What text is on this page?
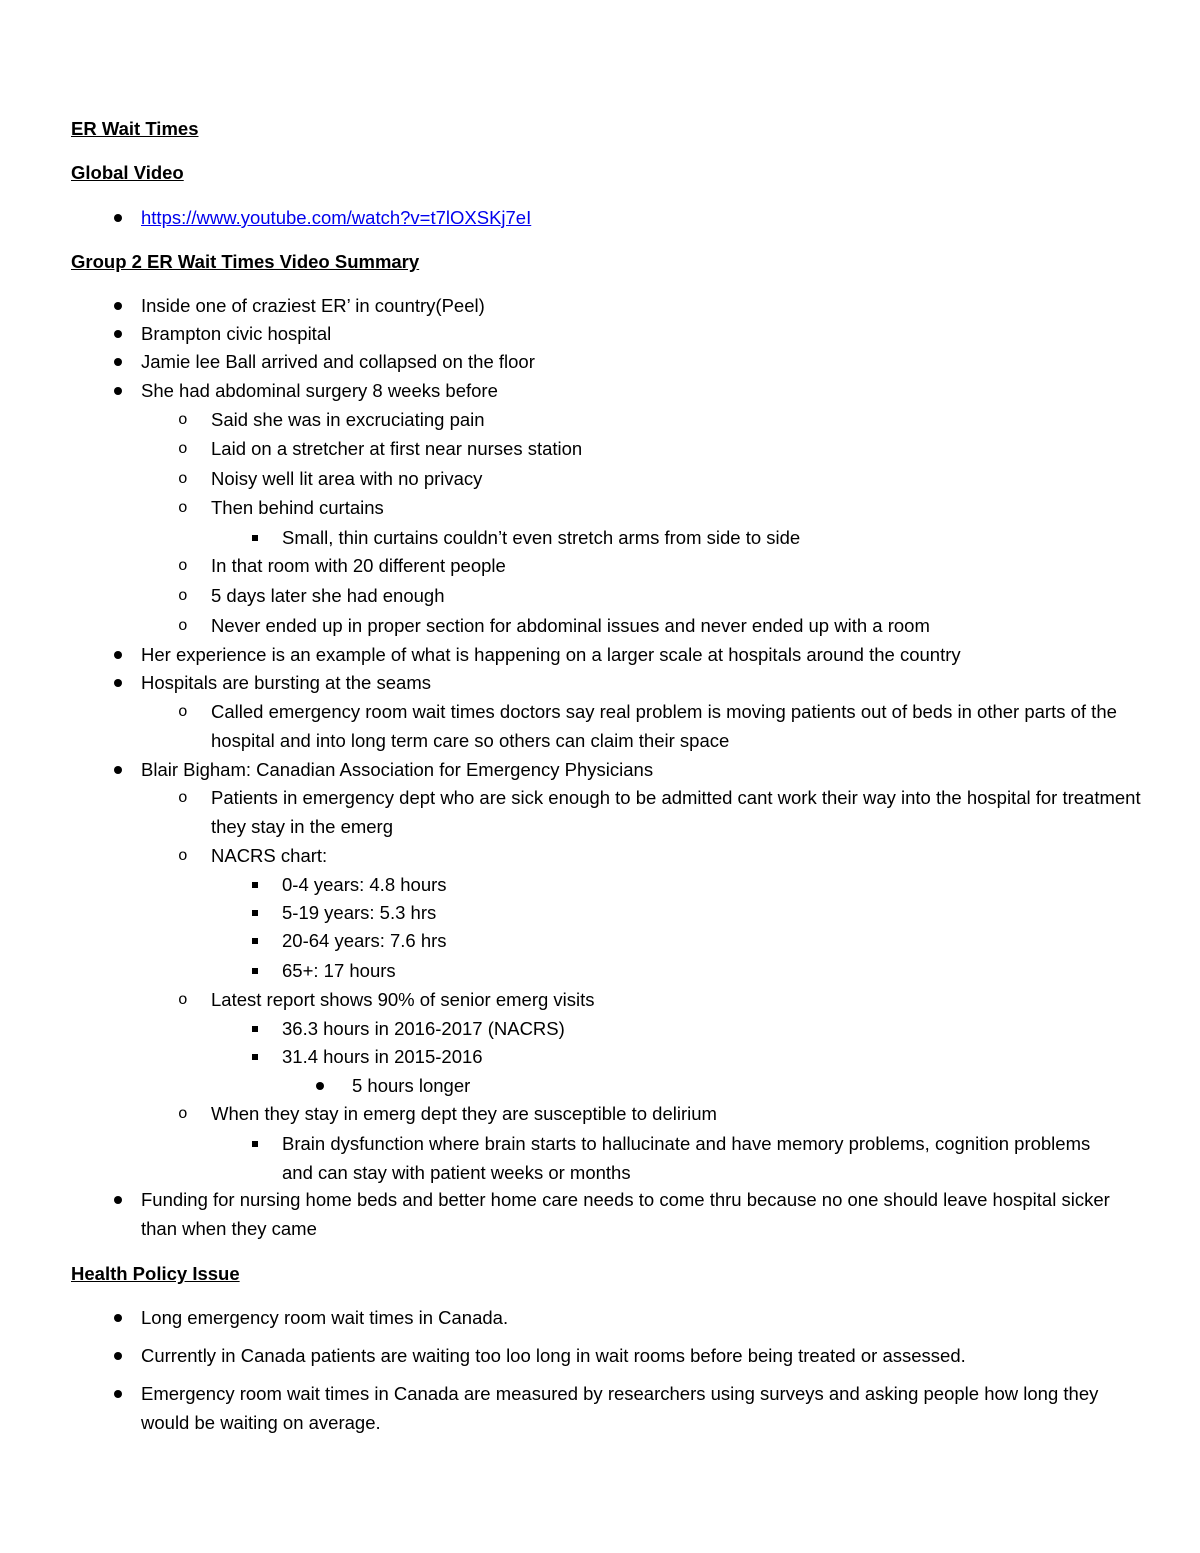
ER Wait Times
Global Video
https://www.youtube.com/watch?v=t7lOXSKj7eI
Group 2 ER Wait Times Video Summary
Inside one of craziest ER’ in country(Peel)
Brampton civic hospital
Jamie lee Ball arrived and collapsed on the floor
She had abdominal surgery 8 weeks before
o Said she was in excruciating pain
o Laid on a stretcher at first near nurses station
o Noisy well lit area with no privacy
o Then behind curtains
Small, thin curtains couldn’t even stretch arms from side to side
o In that room with 20 different people
o 5 days later she had enough
o Never ended up in proper section for abdominal issues and never ended up with a room
Her experience is an example of what is happening on a larger scale at hospitals around the country
Hospitals are bursting at the seams
o Called emergency room wait times doctors say real problem is moving patients out of beds in other parts of the hospital and into long term care so others can claim their space
Blair Bigham: Canadian Association for Emergency Physicians
o Patients in emergency dept who are sick enough to be admitted cant work their way into the hospital for treatment they stay in the emerg
o NACRS chart:
0-4 years: 4.8 hours
5-19 years: 5.3 hrs
20-64 years: 7.6 hrs
65+: 17 hours
o Latest report shows 90% of senior emerg visits
36.3 hours in 2016-2017 (NACRS)
31.4 hours in 2015-2016
5 hours longer
o When they stay in emerg dept they are susceptible to delirium
Brain dysfunction where brain starts to hallucinate and have memory problems, cognition problems and can stay with patient weeks or months
Funding for nursing home beds and better home care needs to come thru because no one should leave hospital sicker than when they came
Health Policy Issue
Long emergency room wait times in Canada.
Currently in Canada patients are waiting too loo long in wait rooms before being treated or assessed.
Emergency room wait times in Canada are measured by researchers using surveys and asking people how long they would be waiting on average.
